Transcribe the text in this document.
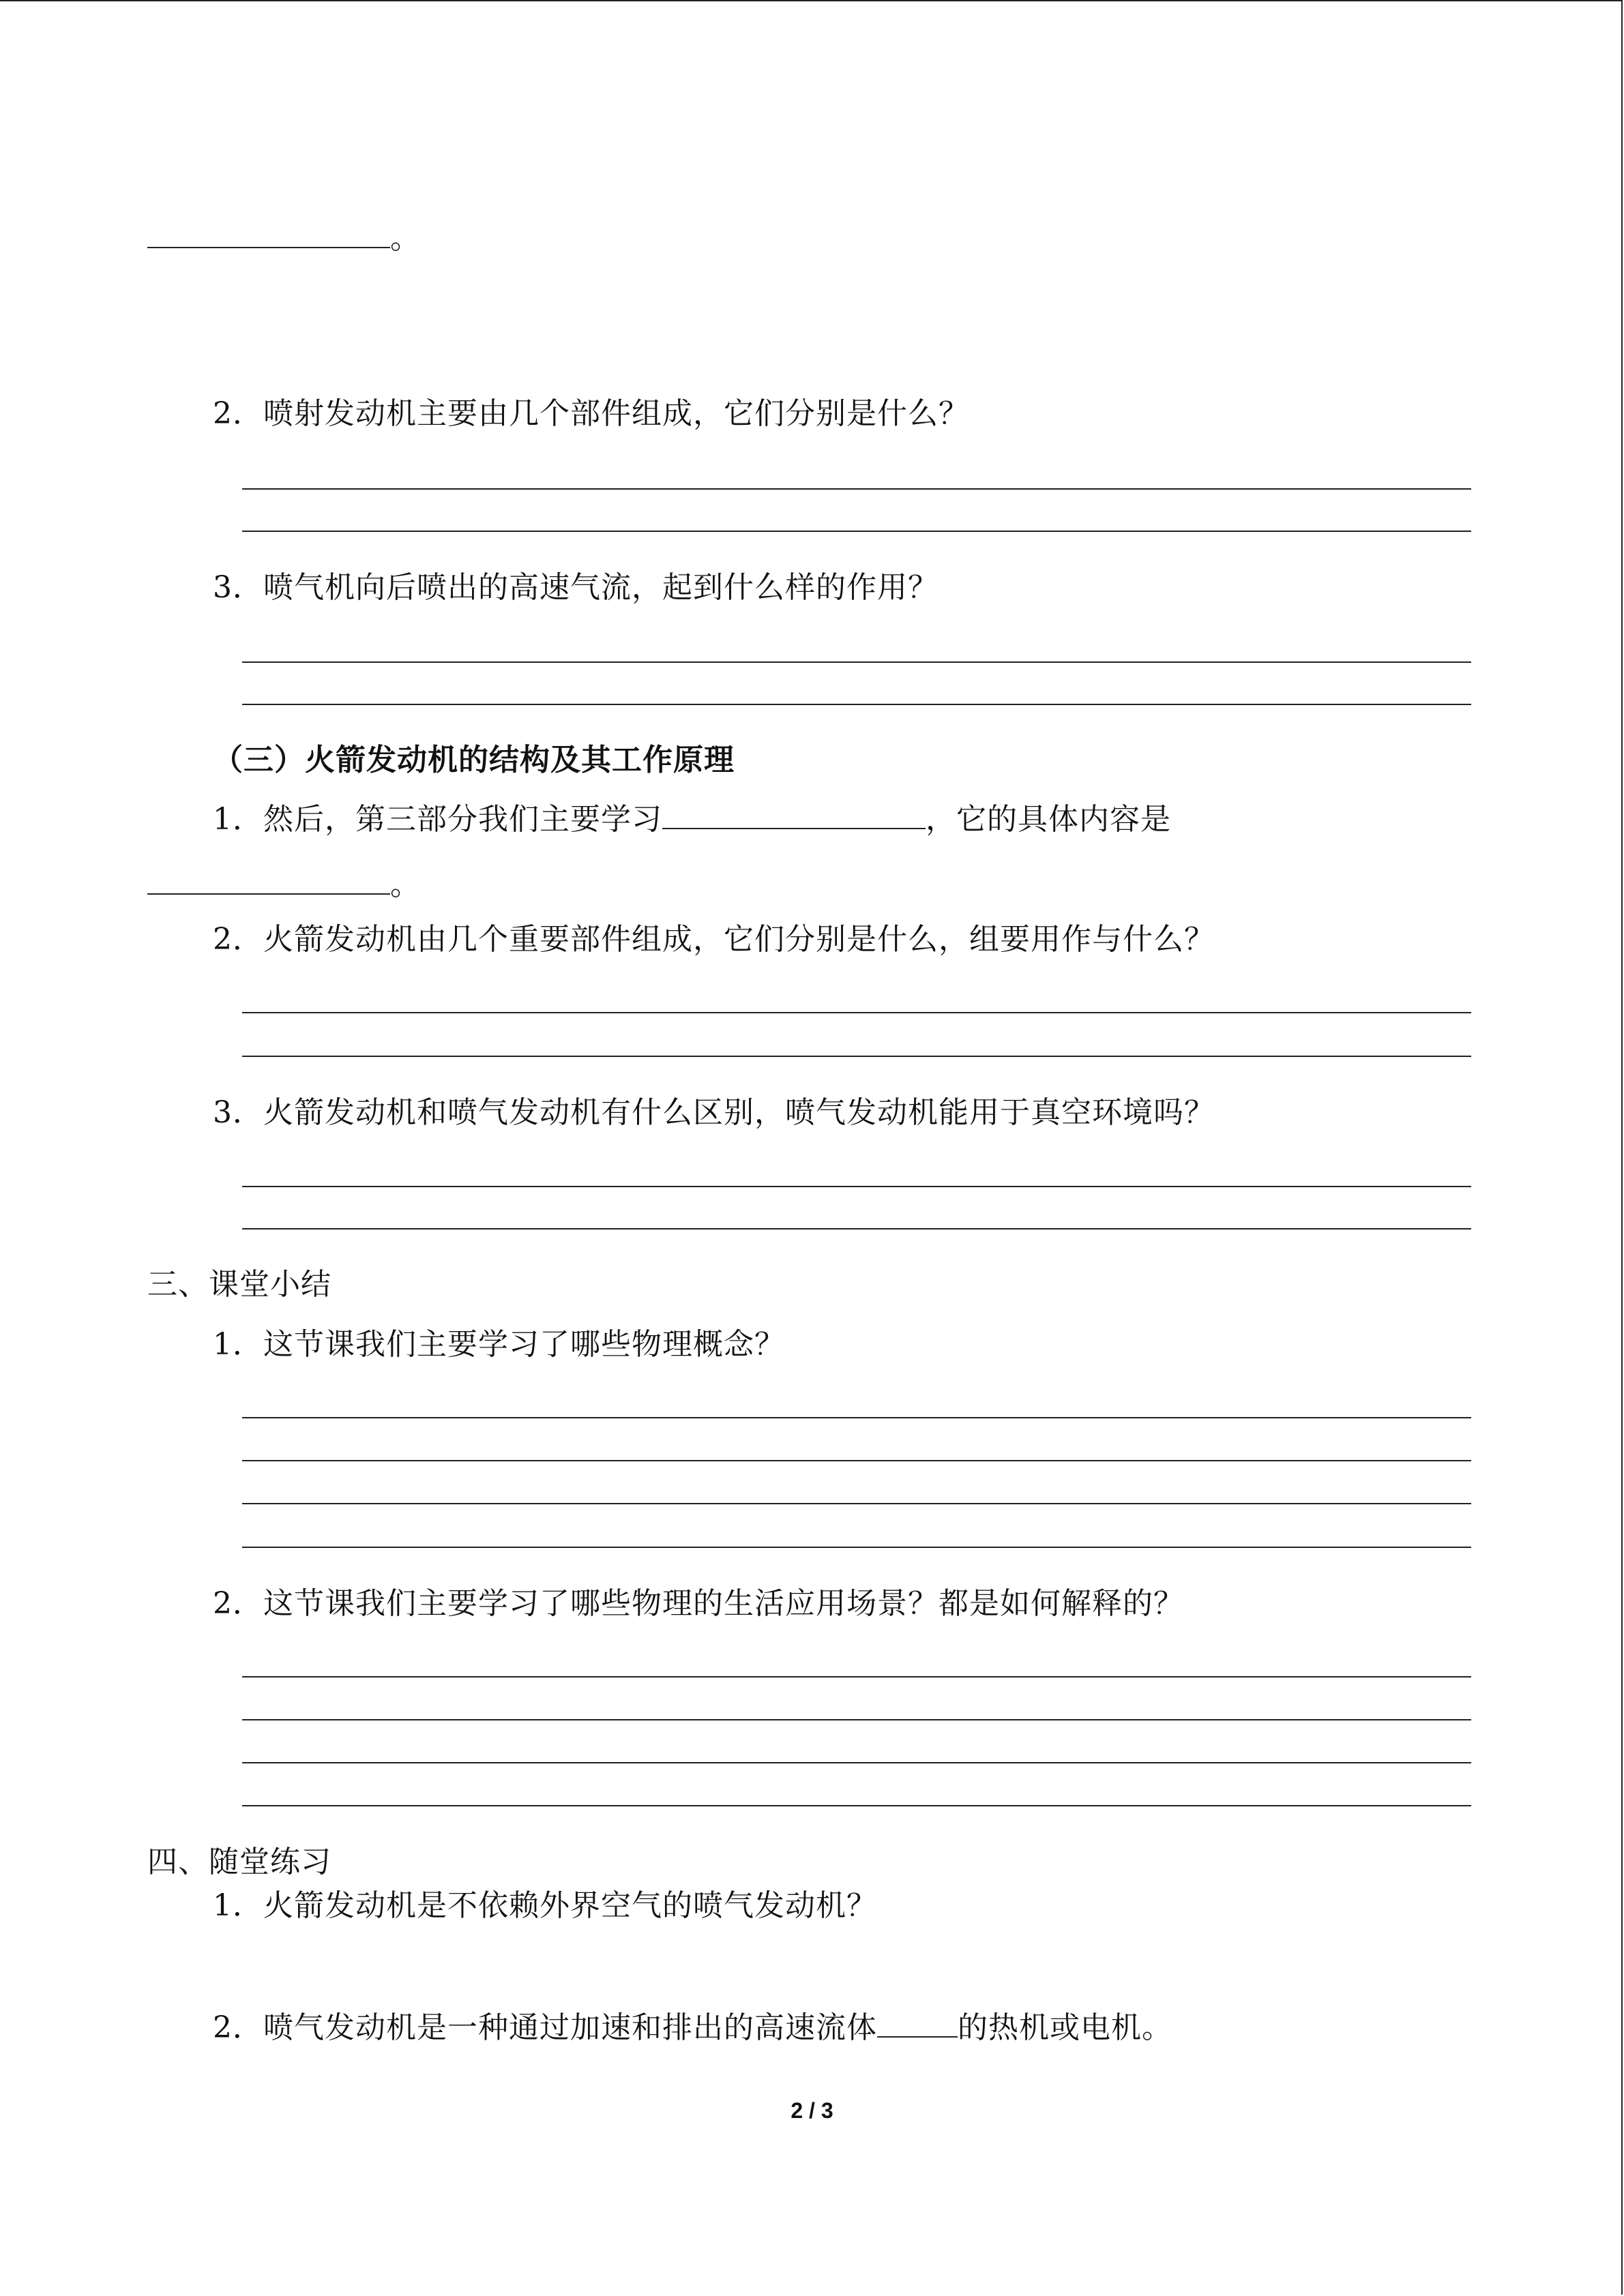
。
2．喷射发动机主要由几个部件组成，它们分别是什么？
3．喷气机向后喷出的高速气流，起到什么样的作用？
（三）火箭发动机的结构及其工作原理
1．然后，第三部分我们主要学习	，它的具体内容是
。
2．火箭发动机由几个重要部件组成，它们分别是什么，组要用作与什么？
3．火箭发动机和喷气发动机有什么区别，喷气发动机能用于真空环境吗？
三、课堂小结
1．这节课我们主要学习了哪些物理概念？
2．这节课我们主要学习了哪些物理的生活应用场景？都是如何解释的？
四、随堂练习
1．火箭发动机是不依赖外界空气的喷气发动机？
2．喷气发动机是一种通过加速和排出的高速流体	的热机或电机。
2 / 3
